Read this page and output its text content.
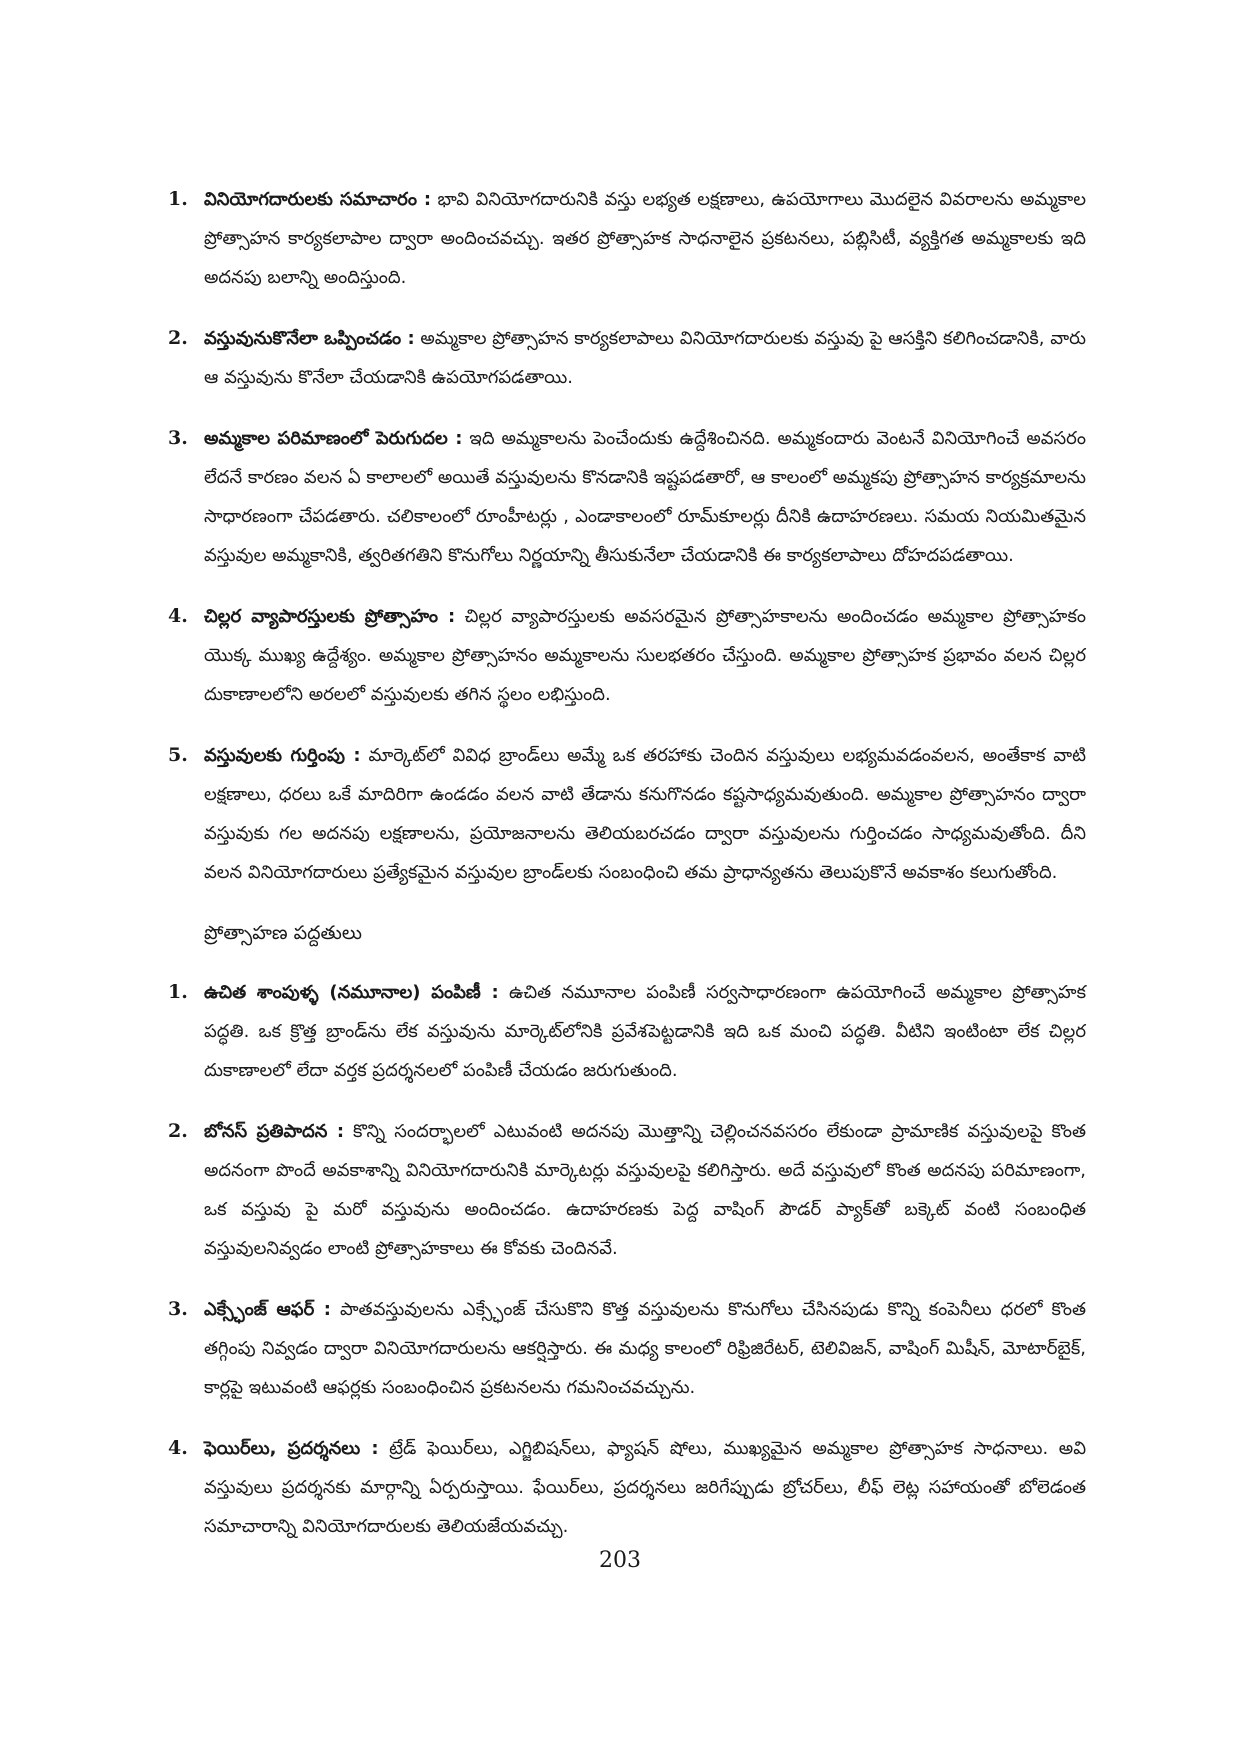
1. వినియోగదారులకు సమాచారం : భావి వినియోగదారునికి వస్తు లభ్యత లక్షణాలు, ఉపయోగాలు మొదలైన వివరాలను అమ్మకాల ప్రోత్సాహన కార్యకలాపాల ద్వారా అందించవచ్చు. ఇతర ప్రోత్సాహక సాధనాలైన ప్రకటనలు, పబ్లిసిటీ, వ్యక్తిగత అమ్మకాలకు ఇది అదనపు బలాన్ని అందిస్తుంది.

2. వస్తువునుకొనేలా ఒప్పించడం : అమ్మకాల ప్రోత్సాహన కార్యకలాపాలు వినియోగదారులకు వస్తువు పై ఆసక్తిని కలిగించడానికి, వారు ఆ వస్తువును కొనేలా చేయడానికి ఉపయోగపడతాయి.

3. అమ్మకాల పరిమాణంలో పెరుగుదల : ఇది అమ్మకాలను పెంచేందుకు ఉద్దేశించినది. అమ్మకందారు వెంటనే వినియోగించే అవసరం లేదనే కారణం వలన ఏ కాలాలలో అయితే వస్తువులను కొనడానికి ఇష్టపడతారో, ఆ కాలంలో అమ్మకపు ప్రోత్సాహన కార్యక్రమాలను సాధారణంగా చేపడతారు. చలికాలంలో రూంహీటర్లు , ఎండాకాలంలో రూమ్‌కూలర్లు దీనికి ఉదాహరణలు. సమయ నియమితమైన వస్తువుల అమ్మకానికి, త్వరితగతిని కొనుగోలు నిర్ణయాన్ని తీసుకునేలా చేయడానికి ఈ కార్యకలాపాలు దోహదపడతాయి.

4. చిల్లర వ్యాపారస్తులకు ప్రోత్సాహం : చిల్లర వ్యాపారస్తులకు అవసరమైన ప్రోత్సాహకాలను అందించడం అమ్మకాల ప్రోత్సాహకం యొక్క ముఖ్య ఉద్దేశ్యం. అమ్మకాల ప్రోత్సాహనం అమ్మకాలను సులభతరం చేస్తుంది. అమ్మకాల ప్రోత్సాహక ప్రభావం వలన చిల్లర దుకాణాలలోని అరలలో వస్తువులకు తగిన స్థలం లభిస్తుంది.

5. వస్తువులకు గుర్తింపు : మార్కెట్‌లో వివిధ బ్రాండ్‌లు అమ్మే ఒక తరహాకు చెందిన వస్తువులు లభ్యమవడంవలన, అంతేకాక వాటి లక్షణాలు, ధరలు ఒకే మాదిరిగా ఉండడం వలన వాటి తేడాను కనుగొనడం కష్టసాధ్యమవుతుంది. అమ్మకాల ప్రోత్సాహనం ద్వారా వస్తువుకు గల అదనపు లక్షణాలను, ప్రయోజనాలను తెలియబరచడం ద్వారా వస్తువులను గుర్తించడం సాధ్యమవుతోంది. దీని వలన వినియోగదారులు ప్రత్యేకమైన వస్తువుల బ్రాండ్‌లకు సంబంధించి తమ ప్రాధాన్యతను తెలుపుకొనే అవకాశం కలుగుతోంది.

ప్రోత్సాహణ పద్దతులు
1. ఉచిత శాంపుళ్ళ (నమూనాల) పంపిణీ : ఉచిత నమూనాల పంపిణీ సర్వసాధారణంగా ఉపయోగించే అమ్మకాల ప్రోత్సాహక పద్ధతి. ఒక క్రొత్త బ్రాండ్‌ను లేక వస్తువును మార్కెట్‌లోనికి ప్రవేశపెట్టడానికి ఇది ఒక మంచి పద్ధతి. వీటిని ఇంటింటా లేక చిల్లర దుకాణాలలో లేదా వర్తక ప్రదర్శనలలో పంపిణీ చేయడం జరుగుతుంది.

2. బోనస్ ప్రతిపాదన : కొన్ని సందర్భాలలో ఎటువంటి అదనపు మొత్తాన్ని చెల్లించనవసరం లేకుండా ప్రామాణిక వస్తువులపై కొంత అదనంగా పొందే అవకాశాన్ని వినియోగదారునికి మార్కెటర్లు వస్తువులపై కలిగిస్తారు. అదే వస్తువులో కొంత అదనపు పరిమాణంగా, ఒక వస్తువు పై మరో వస్తువును అందించడం. ఉదాహరణకు పెద్ద వాషింగ్ పౌడర్ ప్యాక్‌తో బక్కెట్ వంటి సంబంధిత వస్తువులనివ్వడం లాంటి ప్రోత్సాహకాలు ఈ కోవకు చెందినవే.

3. ఎక్స్ఛేంజ్ ఆఫర్ : పాతవస్తువులను ఎక్స్ఛేంజ్ చేసుకొని కొత్త వస్తువులను కొనుగోలు చేసినపుడు కొన్ని కంపెనీలు ధరలో కొంత తగ్గింపు నివ్వడం ద్వారా వినియోగదారులను ఆకర్షిస్తారు. ఈ మధ్య కాలంలో రిఫ్రిజిరేటర్, టెలివిజన్, వాషింగ్ మిషీన్, మోటార్‌బైక్, కార్లపై ఇటువంటి ఆఫర్లకు సంబంధించిన ప్రకటనలను గమనించవచ్చును.

4. ఫెయిర్‌లు, ప్రదర్శనలు : ట్రేడ్ ఫెయిర్‌లు, ఎగ్జిబిషన్‌లు, ఫ్యాషన్ షోలు, ముఖ్యమైన అమ్మకాల ప్రోత్సాహక సాధనాలు. అవి వస్తువులు ప్రదర్శనకు మార్గాన్ని ఏర్పరుస్తాయి. ఫేయిర్‌లు, ప్రదర్శనలు జరిగేప్పుడు బ్రోచర్‌లు, లీఫ్ లెట్ల సహాయంతో బోలెడంత సమాచారాన్ని వినియోగదారులకు తెలియజేయవచ్చు.

203
